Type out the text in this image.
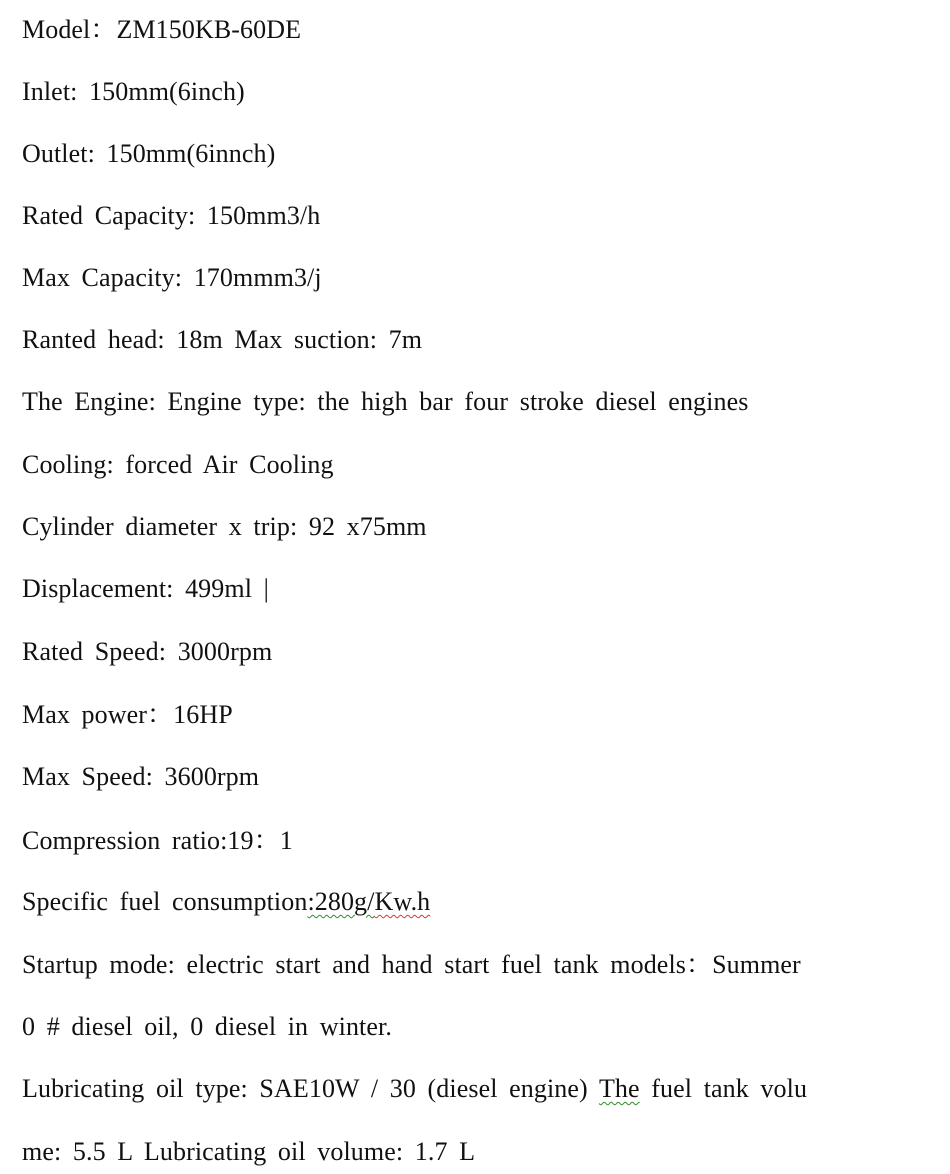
Model：ZM150KB-60DE

Inlet: 150mm(6inch)

Outlet: 150mm(6innch)

Rated Capacity: 150mm3/h

Max Capacity: 170mmm3/j

Ranted head: 18m Max suction: 7m

The Engine: Engine type: the high bar four stroke diesel engines

Cooling: forced Air Cooling

Cylinder diameter x trip: 92 x75mm

Displacement: 499ml |

Rated Speed: 3000rpm

Max power：16HP

Max Speed: 3600rpm

Compression ratio:19：1

Specific fuel consumption:280g/Kw.h

Startup mode: electric start and hand start fuel tank models：Summer

0 # diesel oil, 0 diesel in winter.

Lubricating oil type: SAE10W / 30 (diesel engine) The fuel tank volu

me: 5.5 L Lubricating oil volume: 1.7 L
